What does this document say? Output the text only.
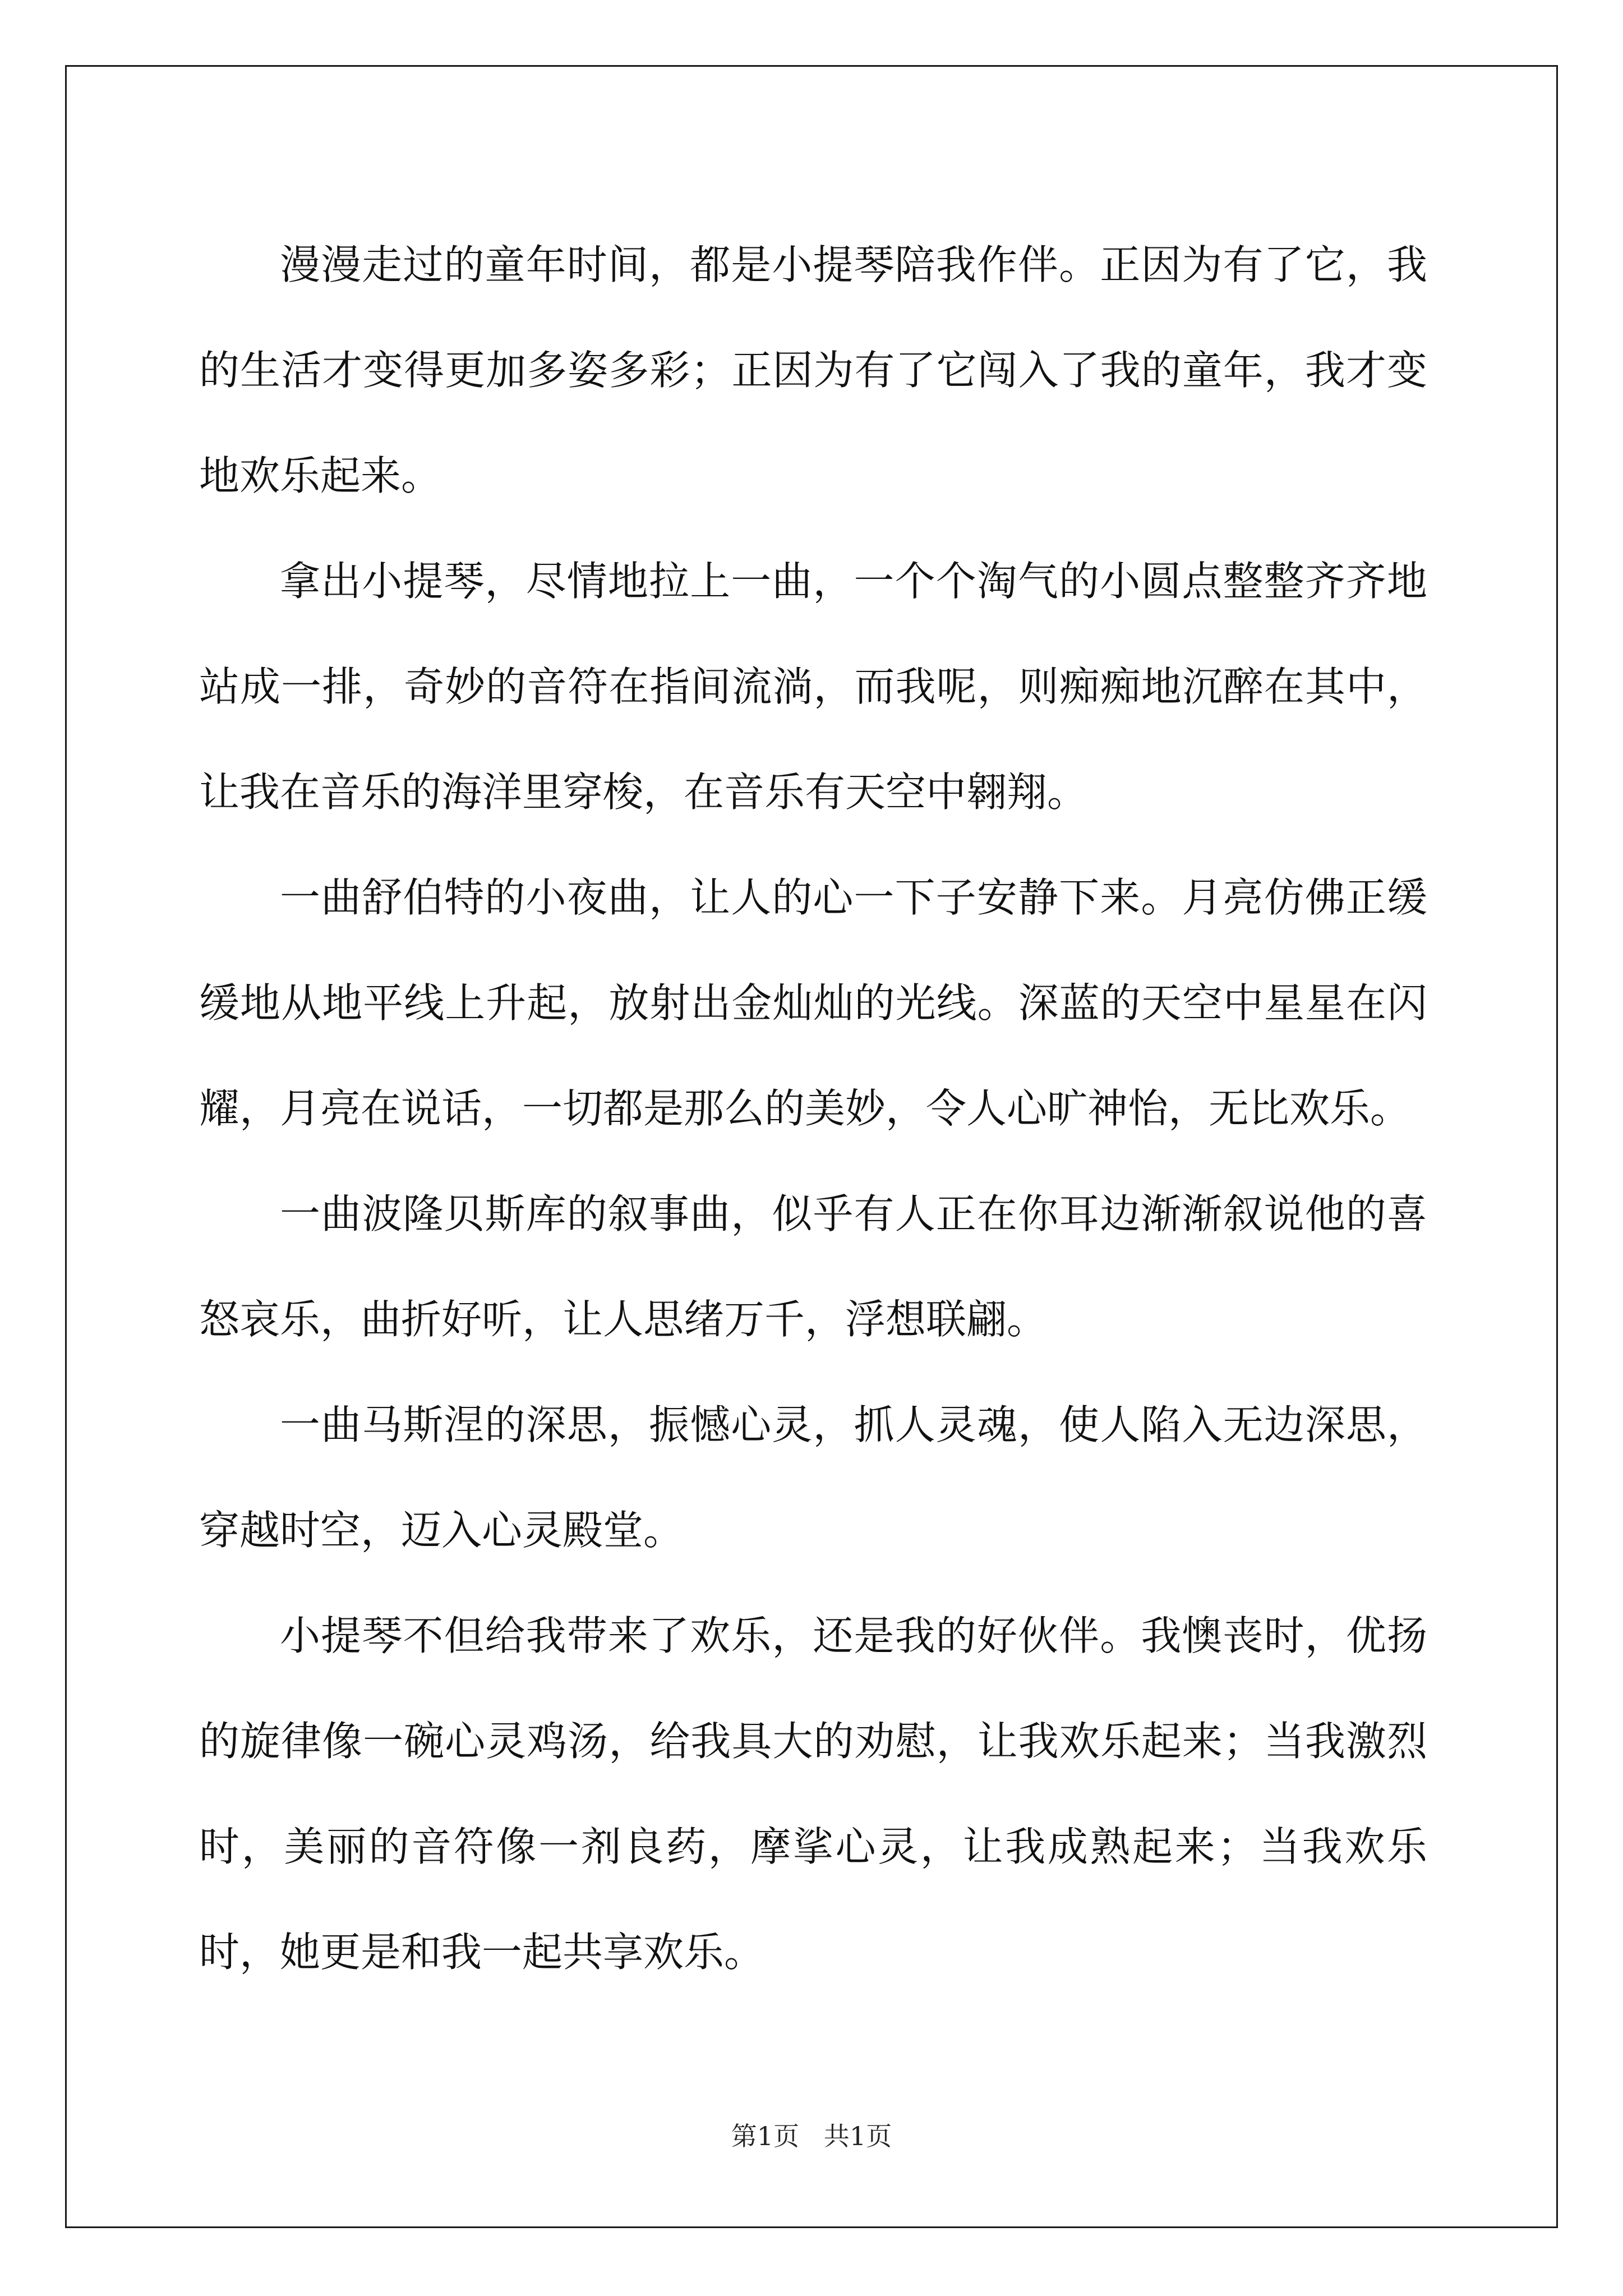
漫漫走过的童年时间，都是小提琴陪我作伴。正因为有了它，我的生活才变得更加多姿多彩；正因为有了它闯入了我的童年，我才变地欢乐起来。

拿出小提琴，尽情地拉上一曲，一个个淘气的小圆点整整齐齐地站成一排，奇妙的音符在指间流淌，而我呢，则痴痴地沉醉在其中，让我在音乐的海洋里穿梭，在音乐有天空中翱翔。

一曲舒伯特的小夜曲，让人的心一下子安静下来。月亮仿佛正缓缓地从地平线上升起，放射出金灿灿的光线。深蓝的天空中星星在闪耀，月亮在说话，一切都是那么的美妙，令人心旷神怡，无比欢乐。

一曲波隆贝斯库的叙事曲，似乎有人正在你耳边渐渐叙说他的喜怒哀乐，曲折好听，让人思绪万千，浮想联翩。

一曲马斯涅的深思，振憾心灵，抓人灵魂，使人陷入无边深思，穿越时空，迈入心灵殿堂。

小提琴不但给我带来了欢乐，还是我的好伙伴。我懊丧时，优扬的旋律像一碗心灵鸡汤，给我具大的劝慰，让我欢乐起来；当我激烈时，美丽的音符像一剂良药，摩挲心灵，让我成熟起来；当我欢乐时，她更是和我一起共享欢乐。

第1页   共1页
